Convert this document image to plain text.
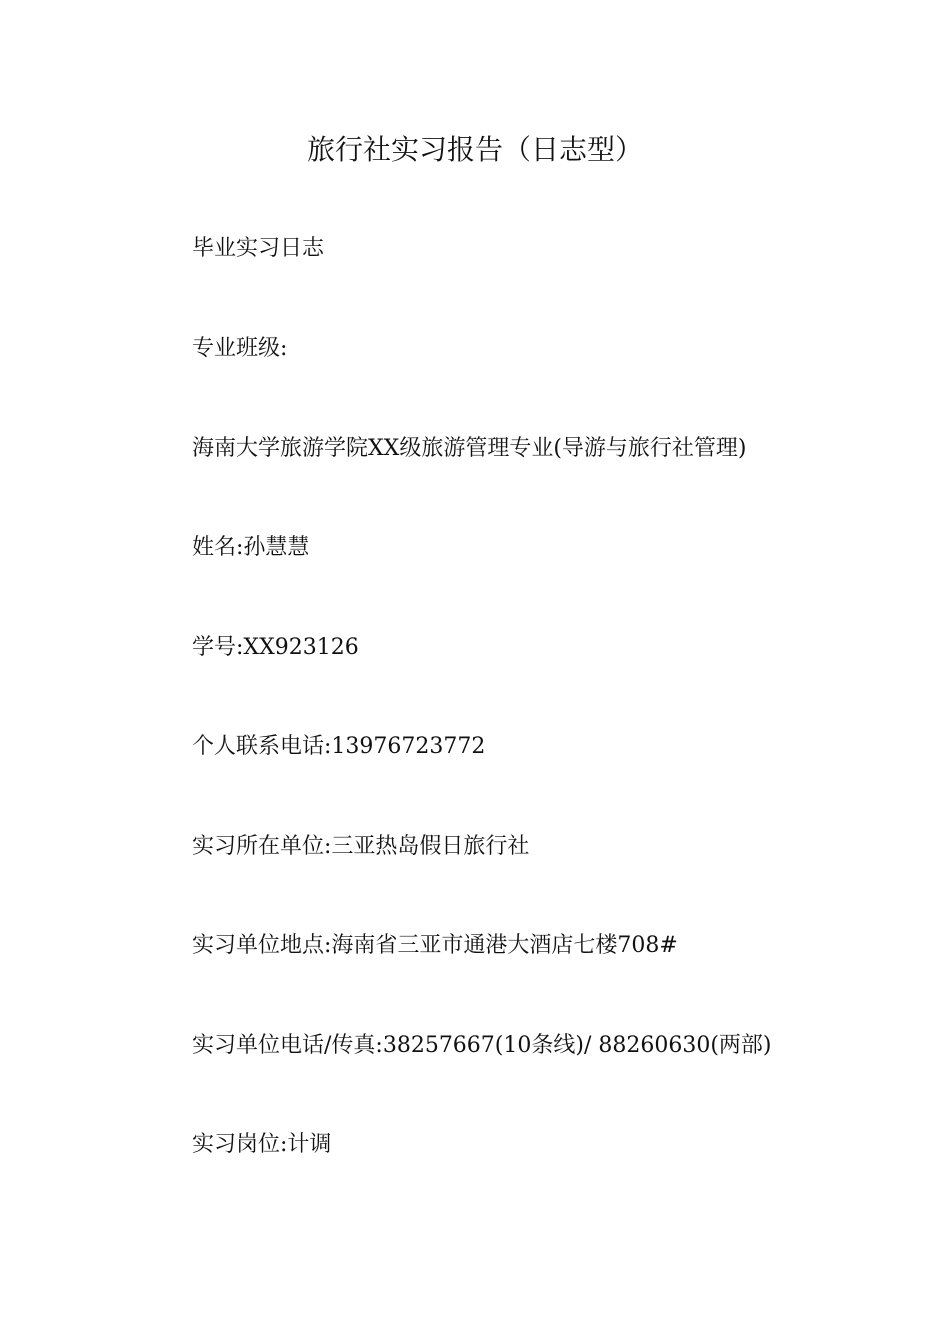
旅行社实习报告（日志型）

毕业实习日志

专业班级:

海南大学旅游学院XX级旅游管理专业(导游与旅行社管理)

姓名:孙慧慧

学号:XX923126

个人联系电话:13976723772

实习所在单位:三亚热岛假日旅行社

实习单位地点:海南省三亚市通港大酒店七楼708#

实习单位电话/传真:38257667(10条线)/ 88260630(两部)

实习岗位:计调
